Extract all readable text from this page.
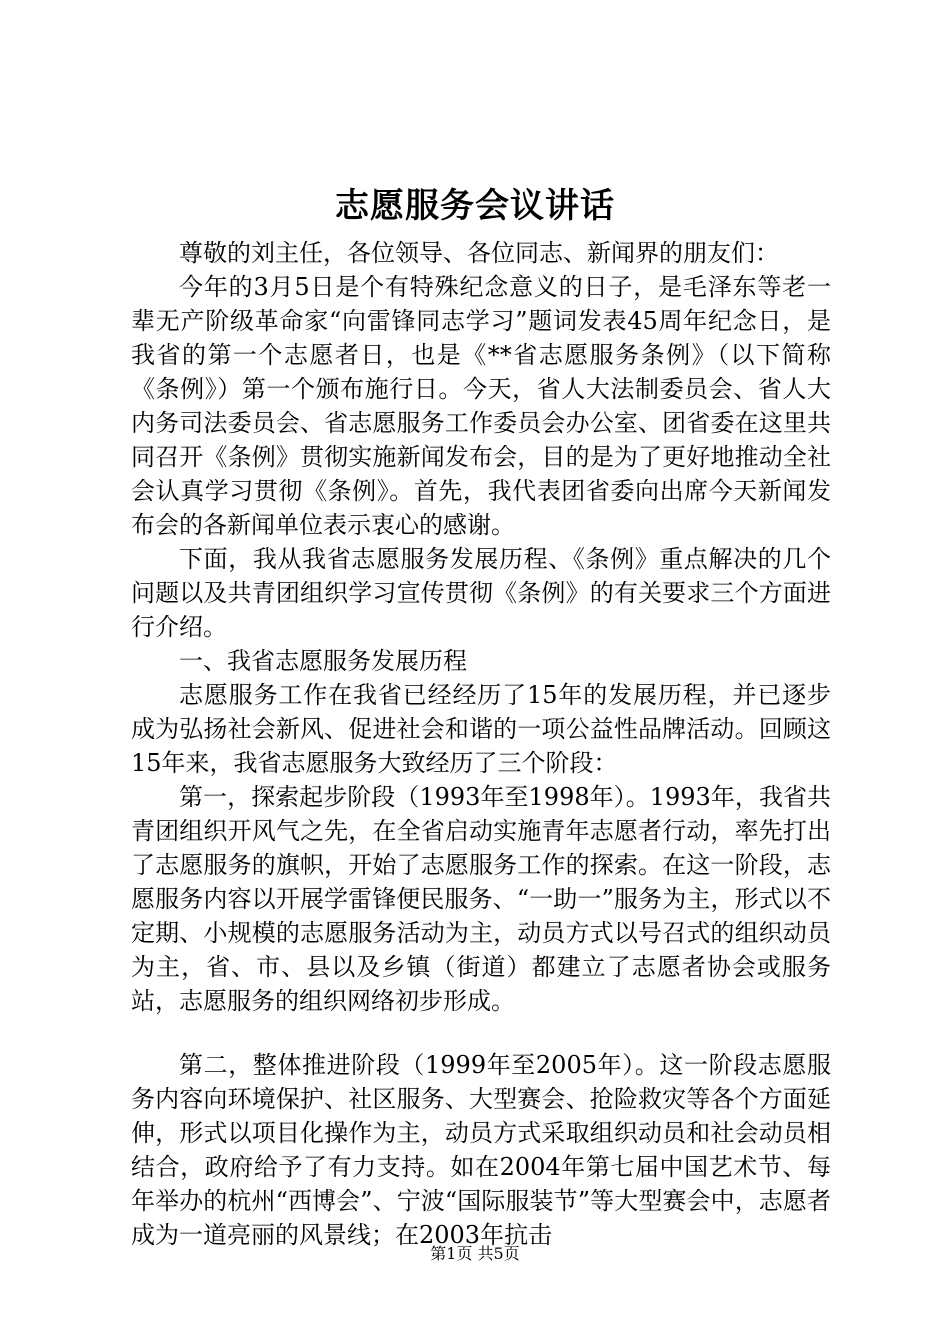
志愿服务会议讲话

尊敬的刘主任，各位领导、各位同志、新闻界的朋友们：

今年的3月5日是个有特殊纪念意义的日子，是毛泽东等老一辈无产阶级革命家“向雷锋同志学习”题词发表45周年纪念日，是我省的第一个志愿者日，也是《**省志愿服务条例》（以下简称《条例》）第一个颁布施行日。今天，省人大法制委员会、省人大内务司法委员会、省志愿服务工作委员会办公室、团省委在这里共同召开《条例》贯彻实施新闻发布会，目的是为了更好地推动全社会认真学习贯彻《条例》。首先，我代表团省委向出席今天新闻发布会的各新闻单位表示衷心的感谢。

下面，我从我省志愿服务发展历程、《条例》重点解决的几个问题以及共青团组织学习宣传贯彻《条例》的有关要求三个方面进行介绍。

一、我省志愿服务发展历程

志愿服务工作在我省已经经历了15年的发展历程，并已逐步成为弘扬社会新风、促进社会和谐的一项公益性品牌活动。回顾这15年来，我省志愿服务大致经历了三个阶段：

第一，探索起步阶段（1993年至1998年）。1993年，我省共青团组织开风气之先，在全省启动实施青年志愿者行动，率先打出了志愿服务的旗帜，开始了志愿服务工作的探索。在这一阶段，志愿服务内容以开展学雷锋便民服务、“一助一”服务为主，形式以不定期、小规模的志愿服务活动为主，动员方式以号召式的组织动员为主，省、市、县以及乡镇（街道）都建立了志愿者协会或服务站，志愿服务的组织网络初步形成。

第二，整体推进阶段（1999年至2005年）。这一阶段志愿服务内容向环境保护、社区服务、大型赛会、抢险救灾等各个方面延伸，形式以项目化操作为主，动员方式采取组织动员和社会动员相结合，政府给予了有力支持。如在2004年第七届中国艺术节、每年举办的杭州“西博会”、宁波“国际服装节”等大型赛会中，志愿者成为一道亮丽的风景线；在2003年抗击

第1页 共5页
